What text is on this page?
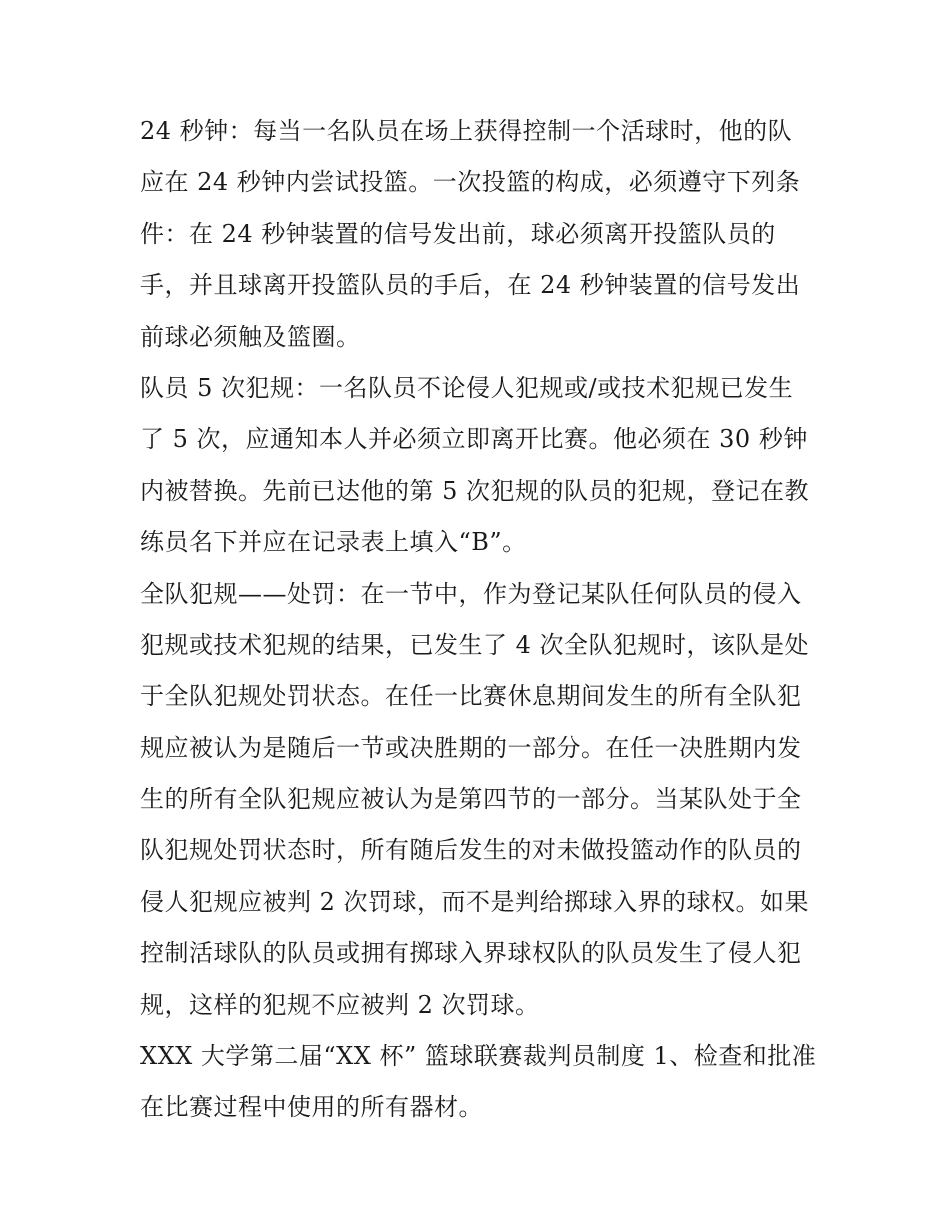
24 秒钟：每当一名队员在场上获得控制一个活球时，他的队
应在 24 秒钟内尝试投篮。一次投篮的构成，必须遵守下列条
件：在 24 秒钟装置的信号发出前，球必须离开投篮队员的
手，并且球离开投篮队员的手后，在 24 秒钟装置的信号发出
前球必须触及篮圈。
队员 5 次犯规：一名队员不论侵人犯规或/或技术犯规已发生
了 5 次，应通知本人并必须立即离开比赛。他必须在 30 秒钟
内被替换。先前已达他的第 5 次犯规的队员的犯规，登记在教
练员名下并应在记录表上填入“B”。
全队犯规——处罚：在一节中，作为登记某队任何队员的侵入
犯规或技术犯规的结果，已发生了 4 次全队犯规时，该队是处
于全队犯规处罚状态。在任一比赛休息期间发生的所有全队犯
规应被认为是随后一节或决胜期的一部分。在任一决胜期内发
生的所有全队犯规应被认为是第四节的一部分。当某队处于全
队犯规处罚状态时，所有随后发生的对未做投篮动作的队员的
侵人犯规应被判 2 次罚球，而不是判给掷球入界的球权。如果
控制活球队的队员或拥有掷球入界球权队的队员发生了侵人犯
规，这样的犯规不应被判 2 次罚球。
XXX 大学第二届“XX 杯” 篮球联赛裁判员制度 1、检查和批准
在比赛过程中使用的所有器材。
